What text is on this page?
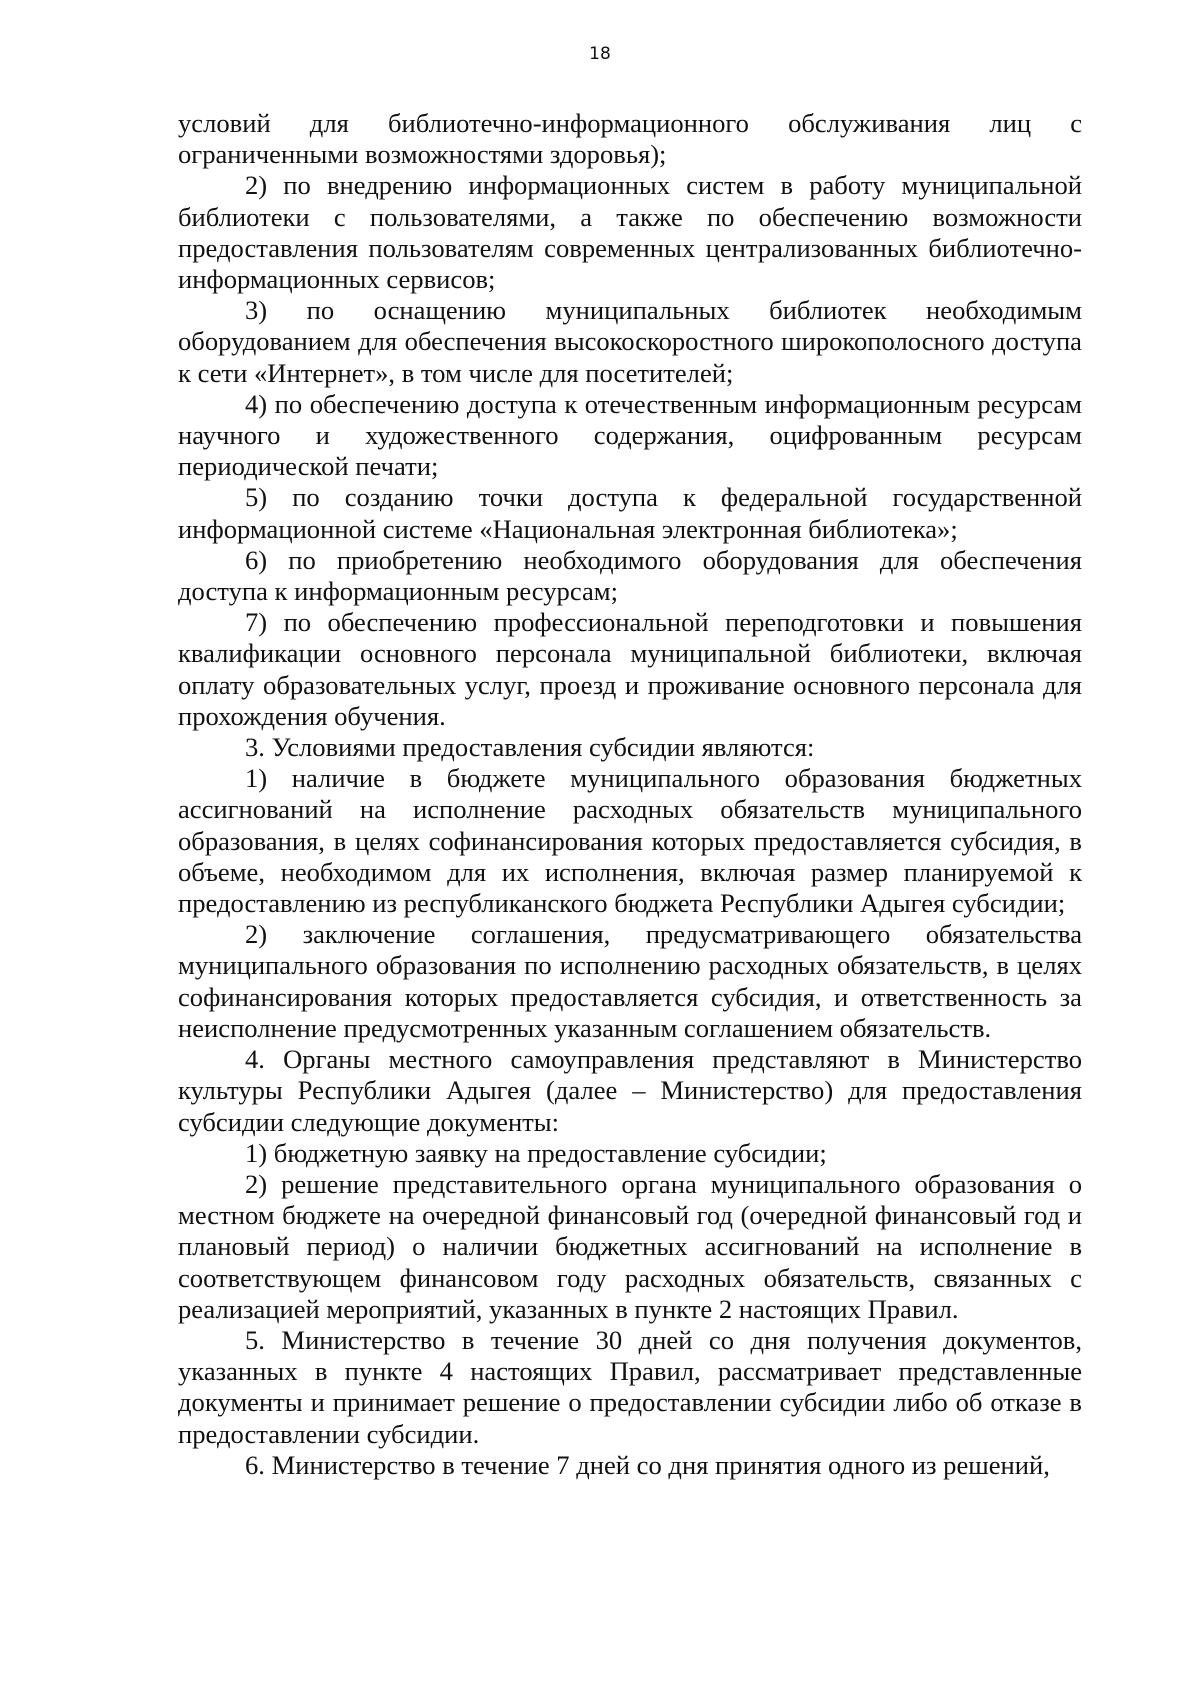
18

условий для библиотечно-информационного обслуживания лиц с ограниченными возможностями здоровья);

2) по внедрению информационных систем в работу муниципальной библиотеки с пользователями, а также по обеспечению возможности предоставления пользователям современных централизованных библиотечно-информационных сервисов;

3) по оснащению муниципальных библиотек необходимым оборудованием для обеспечения высокоскоростного широкополосного доступа к сети «Интернет», в том числе для посетителей;

4) по обеспечению доступа к отечественным информационным ресурсам научного и художественного содержания, оцифрованным ресурсам периодической печати;

5) по созданию точки доступа к федеральной государственной информационной системе «Национальная электронная библиотека»;

6) по приобретению необходимого оборудования для обеспечения доступа к информационным ресурсам;

7) по обеспечению профессиональной переподготовки и повышения квалификации основного персонала муниципальной библиотеки, включая оплату образовательных услуг, проезд и проживание основного персонала для прохождения обучения.

3. Условиями предоставления субсидии являются:

1) наличие в бюджете муниципального образования бюджетных ассигнований на исполнение расходных обязательств муниципального образования, в целях софинансирования которых предоставляется субсидия, в объеме, необходимом для их исполнения, включая размер планируемой к предоставлению из республиканского бюджета Республики Адыгея субсидии;

2) заключение соглашения, предусматривающего обязательства муниципального образования по исполнению расходных обязательств, в целях софинансирования которых предоставляется субсидия, и ответственность за неисполнение предусмотренных указанным соглашением обязательств.

4. Органы местного самоуправления представляют в Министерство культуры Республики Адыгея (далее – Министерство) для предоставления субсидии следующие документы:

1) бюджетную заявку на предоставление субсидии;

2) решение представительного органа муниципального образования о местном бюджете на очередной финансовый год (очередной финансовый год и плановый период) о наличии бюджетных ассигнований на исполнение в соответствующем финансовом году расходных обязательств, связанных с реализацией мероприятий, указанных в пункте 2 настоящих Правил.

5. Министерство в течение 30 дней со дня получения документов, указанных в пункте 4 настоящих Правил, рассматривает представленные документы и принимает решение о предоставлении субсидии либо об отказе в предоставлении субсидии.

6. Министерство в течение 7 дней со дня принятия одного из решений,
